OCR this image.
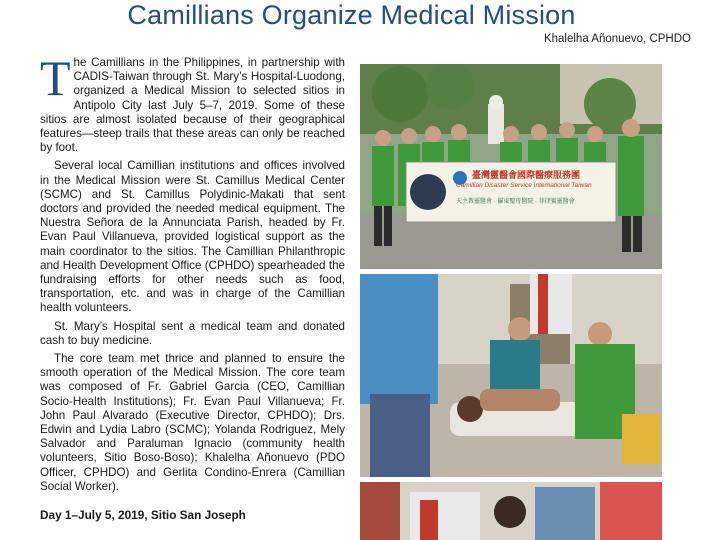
Camillians Organize Medical Mission
Khalelha Añonuevo, CPHDO

The Camillians in the Philippines, in partnership with CADIS-Taiwan through St. Mary’s Hospital-Luodong, organized a Medical Mission to selected sitios in Antipolo City last July 5–7, 2019. Some of these sitios are almost isolated because of their geographical features—steep trails that these areas can only be reached by foot.

Several local Camillian institutions and offices involved in the Medical Mission were St. Camillus Medical Center (SCMC) and St. Camillus Polydinic-Makati that sent doctors and provided the needed medical equipment. The Nuestra Señora de la Annunciata Parish, headed by Fr. Evan Paul Villanueva, provided logistical support as the main coordinator to the sitios. The Camillian Philanthropic and Health Development Office (CPHDO) spearheaded the fundraising efforts for other needs such as food, transportation, etc. and was in charge of the Camillian health volunteers.

St. Mary’s Hospital sent a medical team and donated cash to buy medicine.

The core team met thrice and planned to ensure the smooth operation of the Medical Mission. The core team was composed of Fr. Gabriel Garcia (CEO, Camillian Socio-Health Institutions); Fr. Evan Paul Villanueva; Fr. John Paul Alvarado (Executive Director, CPHDO); Drs. Edwin and Lydia Labro (SCMC); Yolanda Rodriguez, Mely Salvador and Paraluman Ignacio (community health volunteers, Sitio Boso-Boso); Khalelha Añonuevo (PDO Officer, CPHDO) and Gerlita Condino-Enrera (Camillian Social Worker).

Day 1–July 5, 2019, Sitio San Joseph
臺灣靈醫會國際醫療服務團
Camillian Disaster Service International Taiwan
天主教靈醫會 · 羅東聖母醫院 · 菲律賓靈醫會
